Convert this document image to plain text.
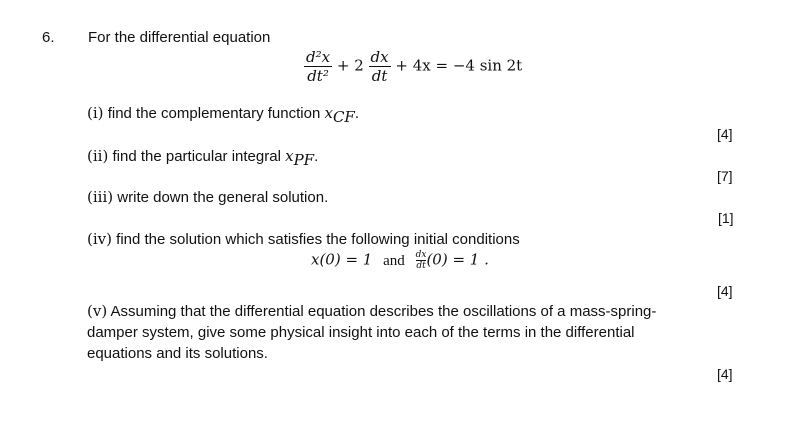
6. For the differential equation
$\frac{\text{d²x}}{\text{dt²}} + 2 \frac{dx}{dt} + 4x = -4$ sin 2t
(i) find the complementary function $x_{CF}$.
[4]
(ii) find the particular integral $x_{PF}$.
[7]
(iii) write down the general solution.
[1]
(iv) find the solution which satisfies the following initial conditions
x(0) = 1 and $\frac{dx}{dt} (0) = 1$ .
[4]
(v) Assuming that the differential equation describes the oscillations of a mass-spring-damper system, give some physical insight into each of the terms in the differential equations and its solutions.
[4]
